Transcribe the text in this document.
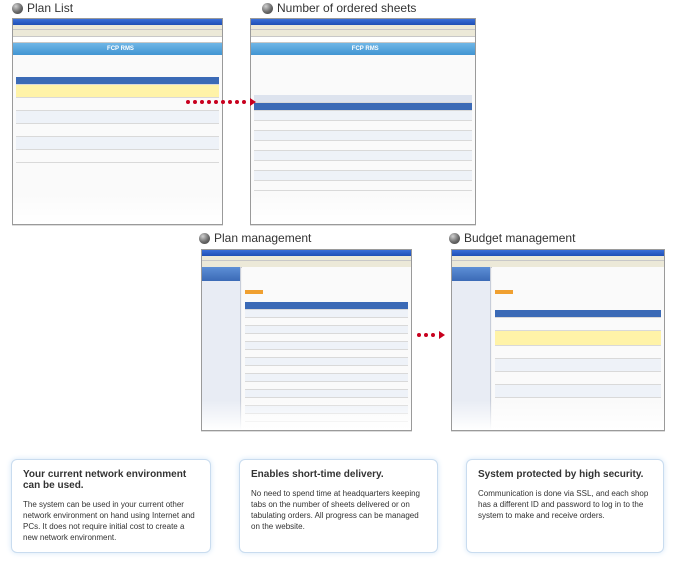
Plan List	Number of ordered sheets
Plan management	Budget management
FCP RMS	FCP RMS
Your current network environment can be used.

The system can be used in your current other network environment on hand using Internet and PCs. It does not require initial cost to create a new network environment.

Enables short-time delivery.

No need to spend time at headquarters keeping tabs on the number of sheets delivered or on tabulating orders. All progress can be managed on the website.

System protected by high security.

Communication is done via SSL, and each shop has a different ID and password to log in to the system to make and receive orders.
